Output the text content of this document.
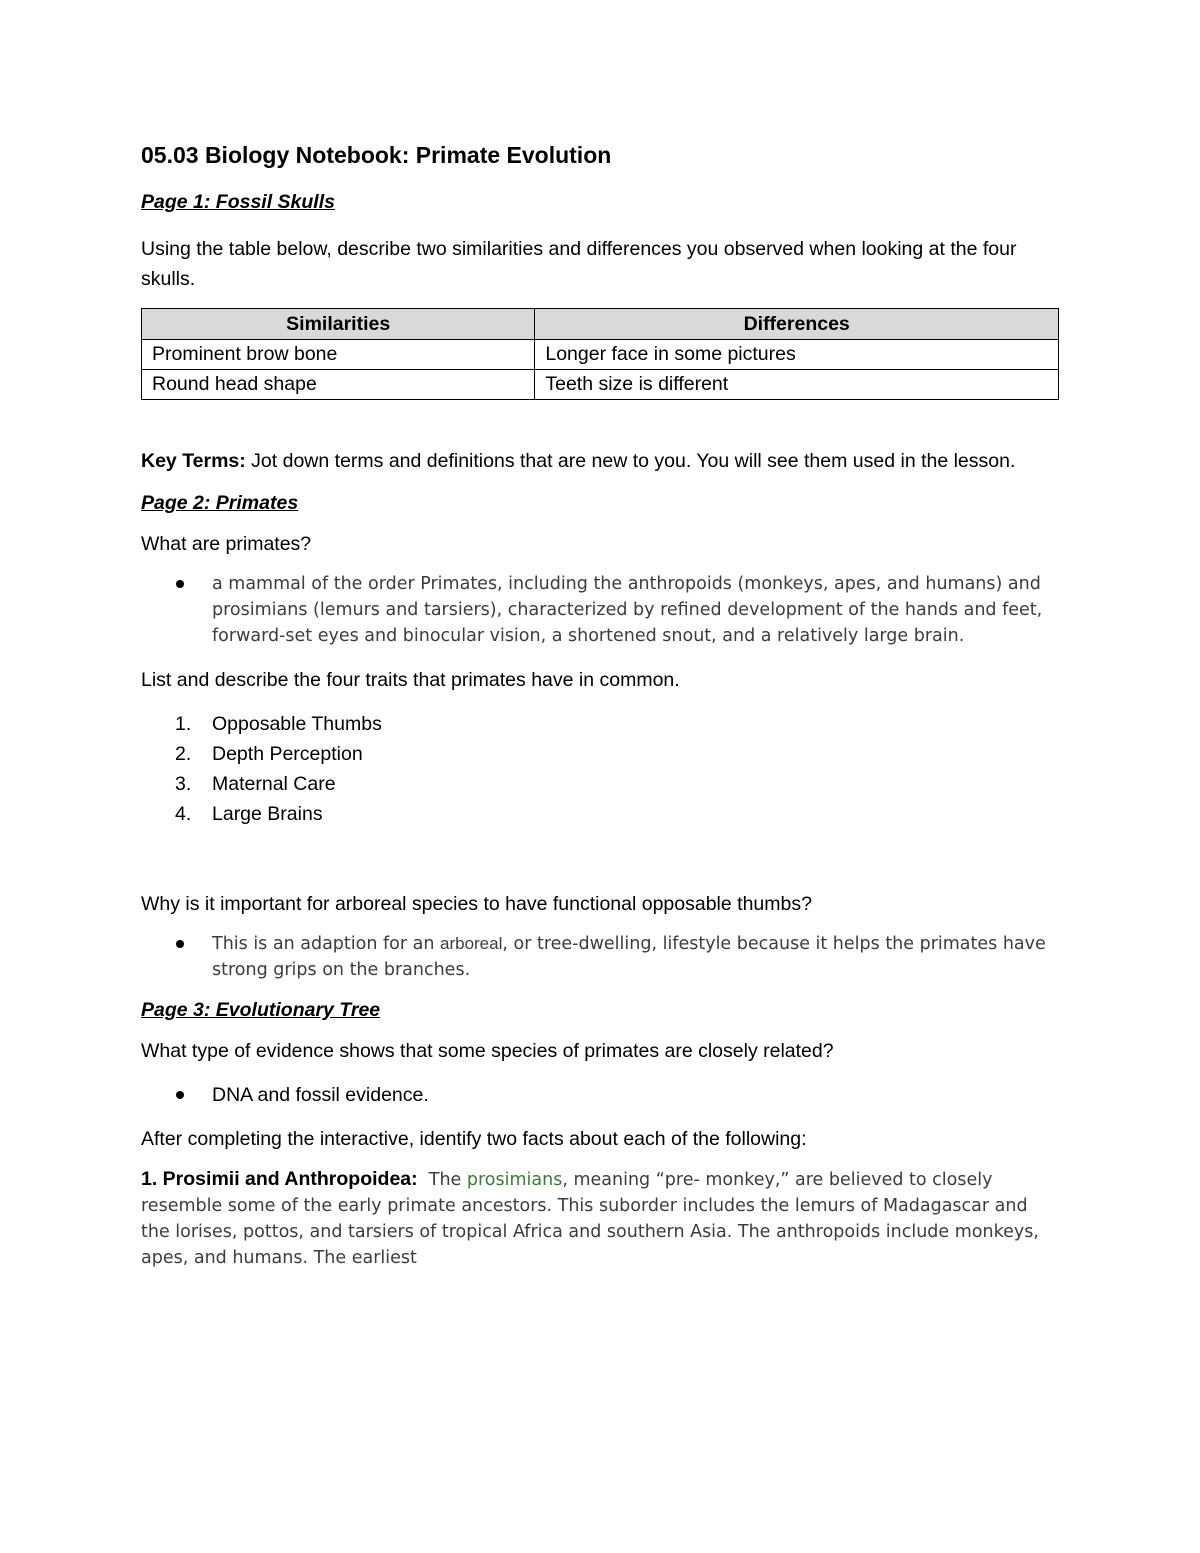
05.03 Biology Notebook: Primate Evolution
Page 1: Fossil Skulls
Using the table below, describe two similarities and differences you observed when looking at the four skulls.
Similarities	Differences
Prominent brow bone	Longer face in some pictures
Round head shape	Teeth size is different
Key Terms: Jot down terms and definitions that are new to you. You will see them used in the lesson.
Page 2: Primates
What are primates?
a mammal of the order Primates, including the anthropoids (monkeys, apes, and humans) and prosimians (lemurs and tarsiers), characterized by refined development of the hands and feet, forward-set eyes and binocular vision, a shortened snout, and a relatively large brain.
List and describe the four traits that primates have in common.
1. Opposable Thumbs
2. Depth Perception
3. Maternal Care
4. Large Brains
Why is it important for arboreal species to have functional opposable thumbs?
This is an adaption for an arboreal, or tree-dwelling, lifestyle because it helps the primates have strong grips on the branches.
Page 3: Evolutionary Tree
What type of evidence shows that some species of primates are closely related?
DNA and fossil evidence.
After completing the interactive, identify two facts about each of the following:
1. Prosimii and Anthropoidea:  The prosimians, meaning “pre- monkey,” are believed to closely resemble some of the early primate ancestors. This suborder includes the lemurs of Madagascar and the lorises, pottos, and tarsiers of tropical Africa and southern Asia. The anthropoids include monkeys, apes, and humans. The earliest
